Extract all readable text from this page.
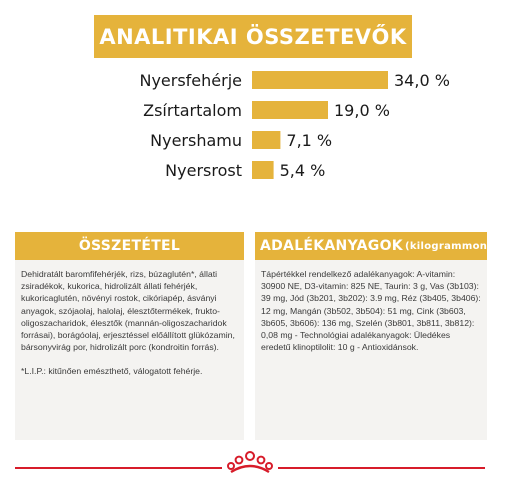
ANALITIKAI ÖSSZETEVŐK
Nyersfehérje	34,0 %
Zsírtartalom	19,0 %
Nyershamu	7,1 %
Nyersrost 5,4 %
ÖSSZETÉTEL
Dehidratált baromfifehérjék, rizs, búzaglutén*, állati zsiradékok, kukorica, hidrolizált állati fehérjék, kukoricaglutén, növényi rostok, cikóriapép, ásványi anyagok, szójaolaj, halolaj, élesztőtermékek, frukto-oligoszacharidok, élesztők (mannán-oligoszacharidok forrásai), borágóolaj, erjesztéssel előállított glükózamin, bársonyvirág por, hidrolizált porc (kondroitin forrás).
*L.I.P.: kitűnően emészthető, válogatott fehérje.
ADALÉKANYAGOK (kilogrammonként)
Tápértékkel rendelkező adalékanyagok: A-vitamin: 30900 NE, D3-vitamin: 825 NE, Taurin: 3 g, Vas (3b103): 39 mg, Jód (3b201, 3b202): 3.9 mg, Réz (3b405, 3b406): 12 mg, Mangán (3b502, 3b504): 51 mg, Cink (3b603, 3b605, 3b606): 136 mg, Szelén (3b801, 3b811, 3b812): 0,08 mg - Technológiai adalékanyagok: Üledékes eredetű klinoptilolit: 10 g - Antioxidánsok.
